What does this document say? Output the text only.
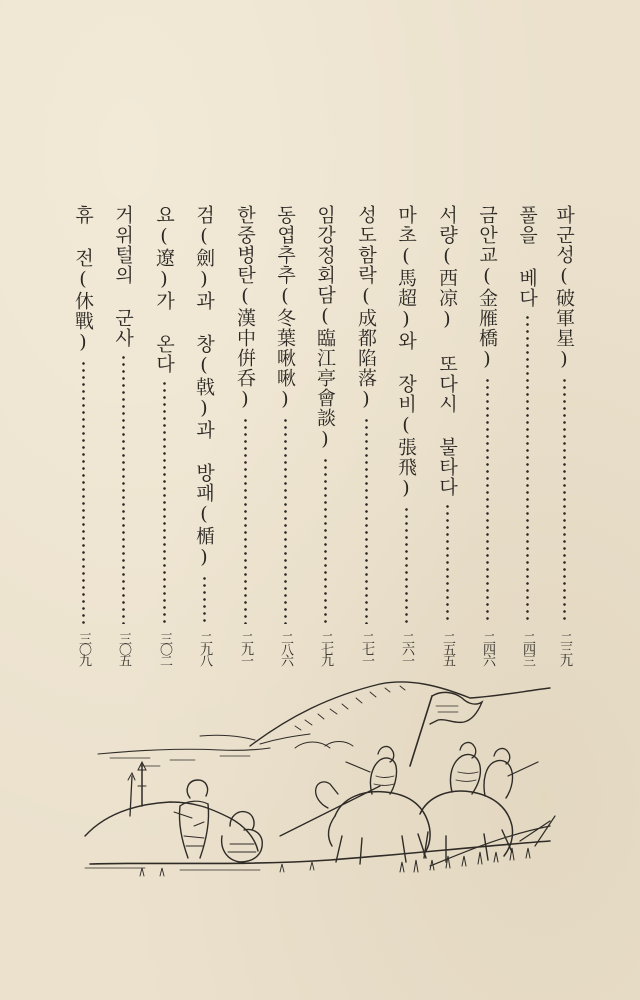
파군성(破軍星)
二三九
풀을 베다
二四三
금안교(金雁橋)
二四六
서량(西凉) 또다시 불타다
二五五
마초(馬超)와 장비(張飛)
二六一
성도함락(成都陷落)
二七一
임강정회담(臨江亭會談)
二七九
동엽추추(冬葉啾啾)
二八六
한중병탄(漢中倂呑)
二九一
검(劍)과 창(戟)과 방패(楯)
二九八
요(遼)가 온다
三〇二
거위털의 군사
三〇五
휴 전(休戰)
三〇九
